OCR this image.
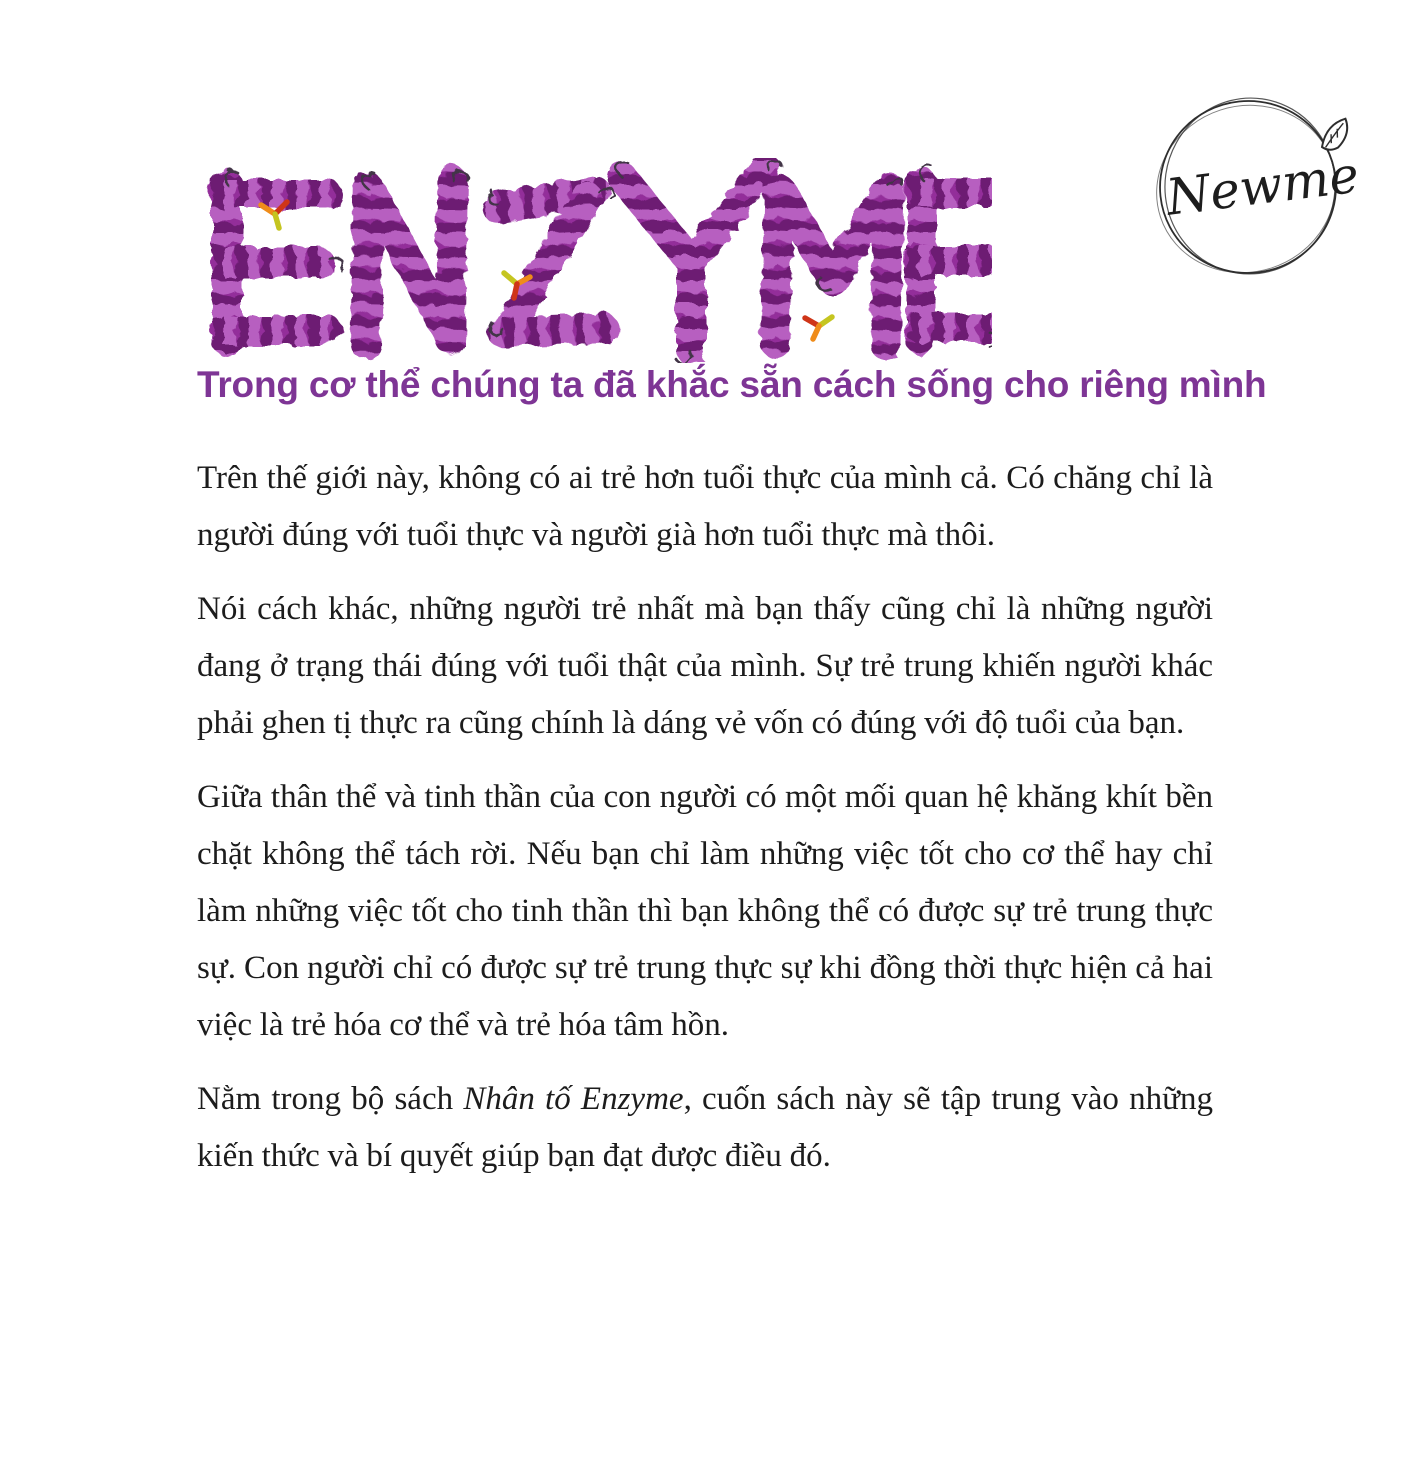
Newme
Trong cơ thể chúng ta đã khắc sẵn cách sống cho riêng mình

Trên thế giới này, không có ai trẻ hơn tuổi thực của mình cả. Có chăng chỉ là người đúng với tuổi thực và người già hơn tuổi thực mà thôi.

Nói cách khác, những người trẻ nhất mà bạn thấy cũng chỉ là những người đang ở trạng thái đúng với tuổi thật của mình. Sự trẻ trung khiến người khác phải ghen tị thực ra cũng chính là dáng vẻ vốn có đúng với độ tuổi của bạn.

Giữa thân thể và tinh thần của con người có một mối quan hệ khăng khít bền chặt không thể tách rời. Nếu bạn chỉ làm những việc tốt cho cơ thể hay chỉ làm những việc tốt cho tinh thần thì bạn không thể có được sự trẻ trung thực sự. Con người chỉ có được sự trẻ trung thực sự khi đồng thời thực hiện cả hai việc là trẻ hóa cơ thể và trẻ hóa tâm hồn.

Nằm trong bộ sách Nhân tố Enzyme, cuốn sách này sẽ tập trung vào những kiến thức và bí quyết giúp bạn đạt được điều đó.
